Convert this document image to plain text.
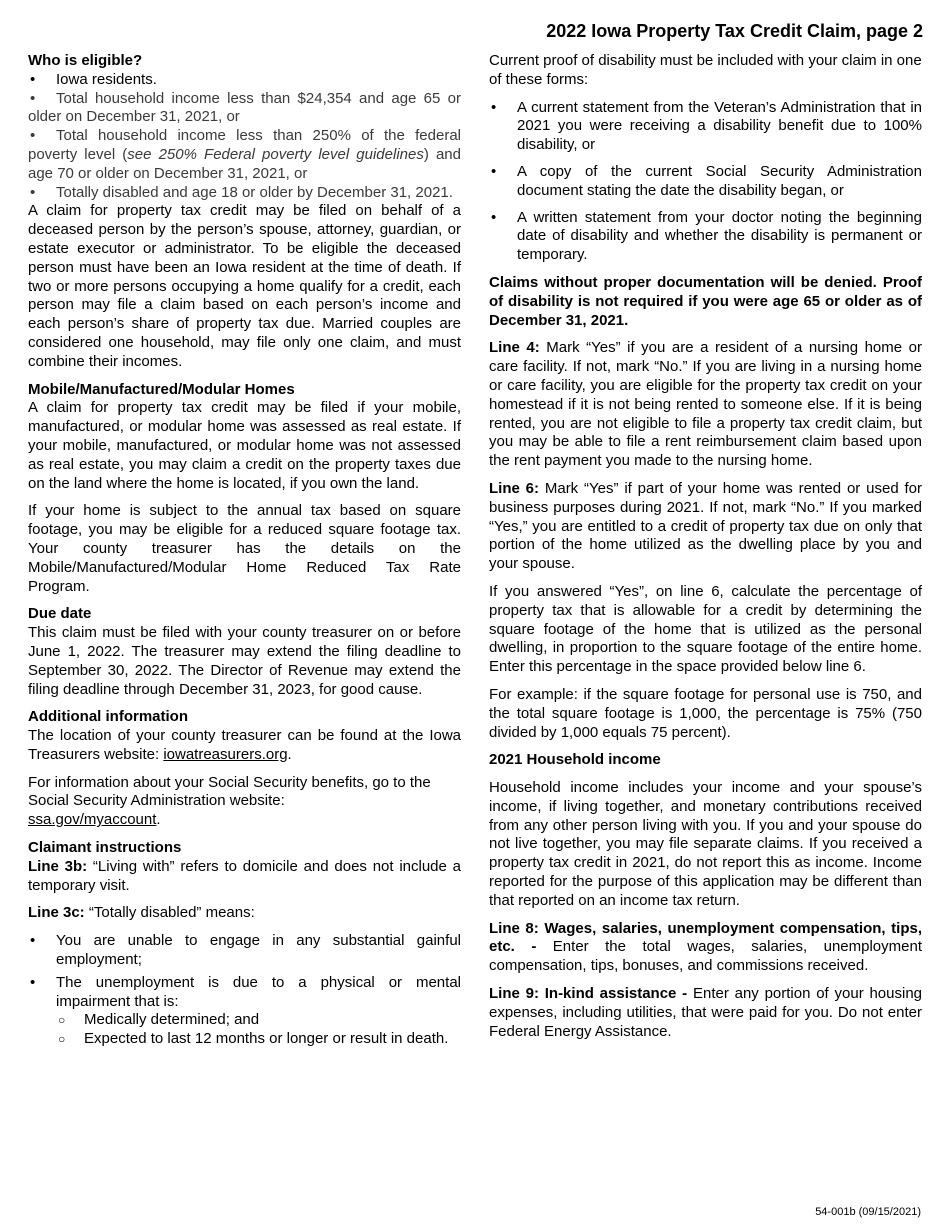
2022 Iowa Property Tax Credit Claim, page 2

Who is eligible?

• Iowa residents.
• Total household income less than $24,354 and age 65 or older on December 31, 2021, or
• Total household income less than 250% of the federal poverty level (see 250% Federal poverty level guidelines) and age 70 or older on December 31, 2021, or
• Totally disabled and age 18 or older by December 31, 2021.

A claim for property tax credit may be filed on behalf of a deceased person by the person’s spouse, attorney, guardian, or estate executor or administrator. To be eligible the deceased person must have been an Iowa resident at the time of death. If two or more persons occupying a home qualify for a credit, each person may file a claim based on each person’s income and each person’s share of property tax due. Married couples are considered one household, may file only one claim, and must combine their incomes.

Mobile/Manufactured/Modular Homes

A claim for property tax credit may be filed if your mobile, manufactured, or modular home was assessed as real estate. If your mobile, manufactured, or modular home was not assessed as real estate, you may claim a credit on the property taxes due on the land where the home is located, if you own the land.

If your home is subject to the annual tax based on square footage, you may be eligible for a reduced square footage tax. Your county treasurer has the details on the Mobile/Manufactured/Modular Home Reduced Tax Rate Program.

Due date

This claim must be filed with your county treasurer on or before June 1, 2022. The treasurer may extend the filing deadline to September 30, 2022. The Director of Revenue may extend the filing deadline through December 31, 2023, for good cause.

Additional information

The location of your county treasurer can be found at the Iowa Treasurers website: iowatreasurers.org.

For information about your Social Security benefits, go to the Social Security Administration website:
ssa.gov/myaccount.

Claimant instructions

Line 3b: “Living with” refers to domicile and does not include a temporary visit.

Line 3c: “Totally disabled” means:

• You are unable to engage in any substantial gainful employment;
• The unemployment is due to a physical or mental impairment that is:
○ Medically determined; and
○ Expected to last 12 months or longer or result in death.

Current proof of disability must be included with your claim in one of these forms:

• A current statement from the Veteran’s Administration that in 2021 you were receiving a disability benefit due to 100% disability, or
• A copy of the current Social Security Administration document stating the date the disability began, or
• A written statement from your doctor noting the beginning date of disability and whether the disability is permanent or temporary.

Claims without proper documentation will be denied. Proof of disability is not required if you were age 65 or older as of December 31, 2021.

Line 4: Mark “Yes” if you are a resident of a nursing home or care facility. If not, mark “No.” If you are living in a nursing home or care facility, you are eligible for the property tax credit on your homestead if it is not being rented to someone else. If it is being rented, you are not eligible to file a property tax credit claim, but you may be able to file a rent reimbursement claim based upon the rent payment you made to the nursing home.

Line 6: Mark “Yes” if part of your home was rented or used for business purposes during 2021. If not, mark “No.” If you marked “Yes,” you are entitled to a credit of property tax due on only that portion of the home utilized as the dwelling place by you and your spouse.

If you answered “Yes”, on line 6, calculate the percentage of property tax that is allowable for a credit by determining the square footage of the home that is utilized as the personal dwelling, in proportion to the square footage of the entire home. Enter this percentage in the space provided below line 6.

For example: if the square footage for personal use is 750, and the total square footage is 1,000, the percentage is 75% (750 divided by 1,000 equals 75 percent).

2021 Household income

Household income includes your income and your spouse’s income, if living together, and monetary contributions received from any other person living with you. If you and your spouse do not live together, you may file separate claims. If you received a property tax credit in 2021, do not report this as income. Income reported for the purpose of this application may be different than that reported on an income tax return.

Line 8: Wages, salaries, unemployment compensation, tips, etc. - Enter the total wages, salaries, unemployment compensation, tips, bonuses, and commissions received.

Line 9: In-kind assistance - Enter any portion of your housing expenses, including utilities, that were paid for you. Do not enter Federal Energy Assistance.

54-001b (09/15/2021)
